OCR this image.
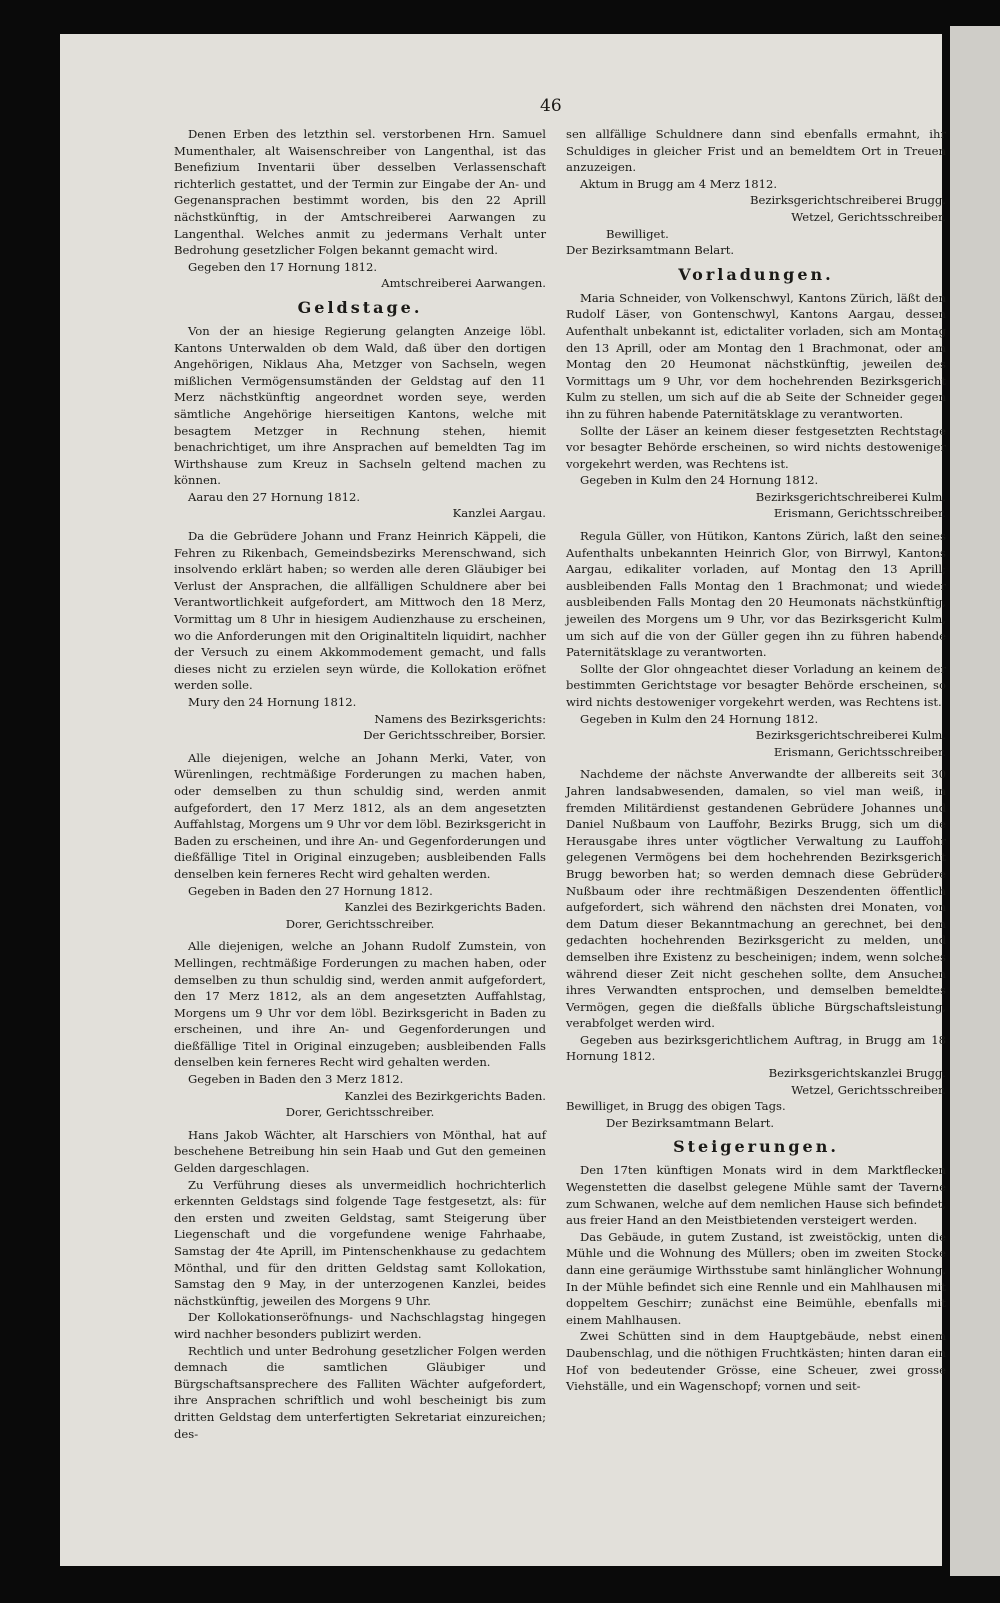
46

Denen Erben des letzthin sel. verstorbenen Hrn. Samuel Mumenthaler, alt Waisenschreiber von Langenthal, ist das Benefizium Inventarii über desselben Verlassenschaft richterlich gestattet, und der Termin zur Eingabe der An- und Gegenansprachen bestimmt worden, bis den 22 Aprill nächstkünftig, in der Amtschreiberei Aarwangen zu Langenthal. Welches anmit zu jedermans Verhalt unter Bedrohung gesetzlicher Folgen bekannt gemacht wird.

Gegeben den 17 Hornung 1812.

Amtschreiberei Aarwangen.

Geldstage.

Von der an hiesige Regierung gelangten Anzeige löbl. Kantons Unterwalden ob dem Wald, daß über den dortigen Angehörigen, Niklaus Aha, Metzger von Sachseln, wegen mißlichen Vermögensumständen der Geldstag auf den 11 Merz nächstkünftig angeordnet worden seye, werden sämtliche Angehörige hierseitigen Kantons, welche mit besagtem Metzger in Rechnung stehen, hiemit benachrichtiget, um ihre Ansprachen auf bemeldten Tag im Wirthshause zum Kreuz in Sachseln geltend machen zu können.

Aarau den 27 Hornung 1812.

Kanzlei Aargau.

Da die Gebrüdere Johann und Franz Heinrich Käppeli, die Fehren zu Rikenbach, Gemeindsbezirks Merenschwand, sich insolvendo erklärt haben; so werden alle deren Gläubiger bei Verlust der Ansprachen, die allfälligen Schuldnere aber bei Verantwortlichkeit aufgefordert, am Mittwoch den 18 Merz, Vormittag um 8 Uhr in hiesigem Audienzhause zu erscheinen, wo die Anforderungen mit den Originaltiteln liquidirt, nachher der Versuch zu einem Akkommodement gemacht, und falls dieses nicht zu erzielen seyn würde, die Kollokation eröfnet werden solle.

Mury den 24 Hornung 1812.

Namens des Bezirksgerichts:

Der Gerichtsschreiber, Borsier.

Alle diejenigen, welche an Johann Merki, Vater, von Würenlingen, rechtmäßige Forderungen zu machen haben, oder demselben zu thun schuldig sind, werden anmit aufgefordert, den 17 Merz 1812, als an dem angesetzten Auffahlstag, Morgens um 9 Uhr vor dem löbl. Bezirksgericht in Baden zu erscheinen, und ihre An- und Gegenforderungen und dießfällige Titel in Original einzugeben; ausbleibenden Falls denselben kein ferneres Recht wird gehalten werden.

Gegeben in Baden den 27 Hornung 1812.

Kanzlei des Bezirkgerichts Baden.

Dorer, Gerichtsschreiber.

Alle diejenigen, welche an Johann Rudolf Zumstein, von Mellingen, rechtmäßige Forderungen zu machen haben, oder demselben zu thun schuldig sind, werden anmit aufgefordert, den 17 Merz 1812, als an dem angesetzten Auffahlstag, Morgens um 9 Uhr vor dem löbl. Bezirksgericht in Baden zu erscheinen, und ihre An- und Gegenforderungen und dießfällige Titel in Original einzugeben; ausbleibenden Falls denselben kein ferneres Recht wird gehalten werden.

Gegeben in Baden den 3 Merz 1812.

Kanzlei des Bezirkgerichts Baden.

Dorer, Gerichtsschreiber.

Hans Jakob Wächter, alt Harschiers von Mönthal, hat auf beschehene Betreibung hin sein Haab und Gut den gemeinen Gelden dargeschlagen.

Zu Verführung dieses als unvermeidlich hochrichterlich erkennten Geldstags sind folgende Tage festgesetzt, als: für den ersten und zweiten Geldstag, samt Steigerung über Liegenschaft und die vorgefundene wenige Fahrhaabe, Samstag der 4te Aprill, im Pintenschenkhause zu gedachtem Mönthal, und für den dritten Geldstag samt Kollokation, Samstag den 9 May, in der unterzogenen Kanzlei, beides nächstkünftig, jeweilen des Morgens 9 Uhr.

Der Kollokationseröfnungs- und Nachschlagstag hingegen wird nachher besonders publizirt werden.

Rechtlich und unter Bedrohung gesetzlicher Folgen werden demnach die samtlichen Gläubiger und Bürgschaftsansprechere des Falliten Wächter aufgefordert, ihre Ansprachen schriftlich und wohl bescheinigt bis zum dritten Geldstag dem unterfertigten Sekretariat einzureichen; des-

sen allfällige Schuldnere dann sind ebenfalls ermahnt, ihr Schuldiges in gleicher Frist und an bemeldtem Ort in Treuen anzuzeigen.

Aktum in Brugg am 4 Merz 1812.

Bezirksgerichtschreiberei Brugg.

Wetzel, Gerichtsschreiber.

Bewilliget.

Der Bezirksamtmann Belart.

Vorladungen.

Maria Schneider, von Volkenschwyl, Kantons Zürich, läßt den Rudolf Läser, von Gontenschwyl, Kantons Aargau, dessen Aufenthalt unbekannt ist, edictaliter vorladen, sich am Montag den 13 Aprill, oder am Montag den 1 Brachmonat, oder am Montag den 20 Heumonat nächstkünftig, jeweilen des Vormittags um 9 Uhr, vor dem hochehrenden Bezirksgericht Kulm zu stellen, um sich auf die ab Seite der Schneider gegen ihn zu führen habende Paternitätsklage zu verantworten.

Sollte der Läser an keinem dieser festgesetzten Rechtstage vor besagter Behörde erscheinen, so wird nichts destoweniger vorgekehrt werden, was Rechtens ist.

Gegeben in Kulm den 24 Hornung 1812.

Bezirksgerichtschreiberei Kulm.

Erismann, Gerichtsschreiber.

Regula Güller, von Hütikon, Kantons Zürich, laßt den seines Aufenthalts unbekannten Heinrich Glor, von Birrwyl, Kantons Aargau, edikaliter vorladen, auf Montag den 13 Aprill; ausbleibenden Falls Montag den 1 Brachmonat; und wieder ausbleibenden Falls Montag den 20 Heumonats nächstkünftig, jeweilen des Morgens um 9 Uhr, vor das Bezirksgericht Kulm, um sich auf die von der Güller gegen ihn zu führen habende Paternitätsklage zu verantworten.

Sollte der Glor ohngeachtet dieser Vorladung an keinem der bestimmten Gerichtstage vor besagter Behörde erscheinen, so wird nichts destoweniger vorgekehrt werden, was Rechtens ist.

Gegeben in Kulm den 24 Hornung 1812.

Bezirksgerichtschreiberei Kulm.

Erismann, Gerichtsschreiber.

Nachdeme der nächste Anverwandte der allbereits seit 30 Jahren landsabwesenden, damalen, so viel man weiß, in fremden Militärdienst gestandenen Gebrüdere Johannes und Daniel Nußbaum von Lauffohr, Bezirks Brugg, sich um die Herausgabe ihres unter vögtlicher Verwaltung zu Lauffohr gelegenen Vermögens bei dem hochehrenden Bezirksgericht Brugg beworben hat; so werden demnach diese Gebrüdere Nußbaum oder ihre rechtmäßigen Deszendenten öffentlich aufgefordert, sich während den nächsten drei Monaten, von dem Datum dieser Bekanntmachung an gerechnet, bei dem gedachten hochehrenden Bezirksgericht zu melden, und demselben ihre Existenz zu bescheinigen; indem, wenn solches während dieser Zeit nicht geschehen sollte, dem Ansuchen ihres Verwandten entsprochen, und demselben bemeldtes Vermögen, gegen die dießfalls übliche Bürgschaftsleistung, verabfolget werden wird.

Gegeben aus bezirksgerichtlichem Auftrag, in Brugg am 18 Hornung 1812.

Bezirksgerichtskanzlei Brugg.

Wetzel, Gerichtsschreiber.

Bewilliget, in Brugg des obigen Tags.

Der Bezirksamtmann Belart.

Steigerungen.

Den 17ten künftigen Monats wird in dem Marktflecken Wegenstetten die daselbst gelegene Mühle samt der Taverne zum Schwanen, welche auf dem nemlichen Hause sich befindet, aus freier Hand an den Meistbietenden versteigert werden.

Das Gebäude, in gutem Zustand, ist zweistöckig, unten die Mühle und die Wohnung des Müllers; oben im zweiten Stocke dann eine geräumige Wirthsstube samt hinlänglicher Wohnung. In der Mühle befindet sich eine Rennle und ein Mahlhausen mit doppeltem Geschirr; zunächst eine Beimühle, ebenfalls mit einem Mahlhausen.

Zwei Schütten sind in dem Hauptgebäude, nebst einem Daubenschlag, und die nöthigen Fruchtkästen; hinten daran ein Hof von bedeutender Grösse, eine Scheuer, zwei grosse Viehställe, und ein Wagenschopf; vornen und seit-
